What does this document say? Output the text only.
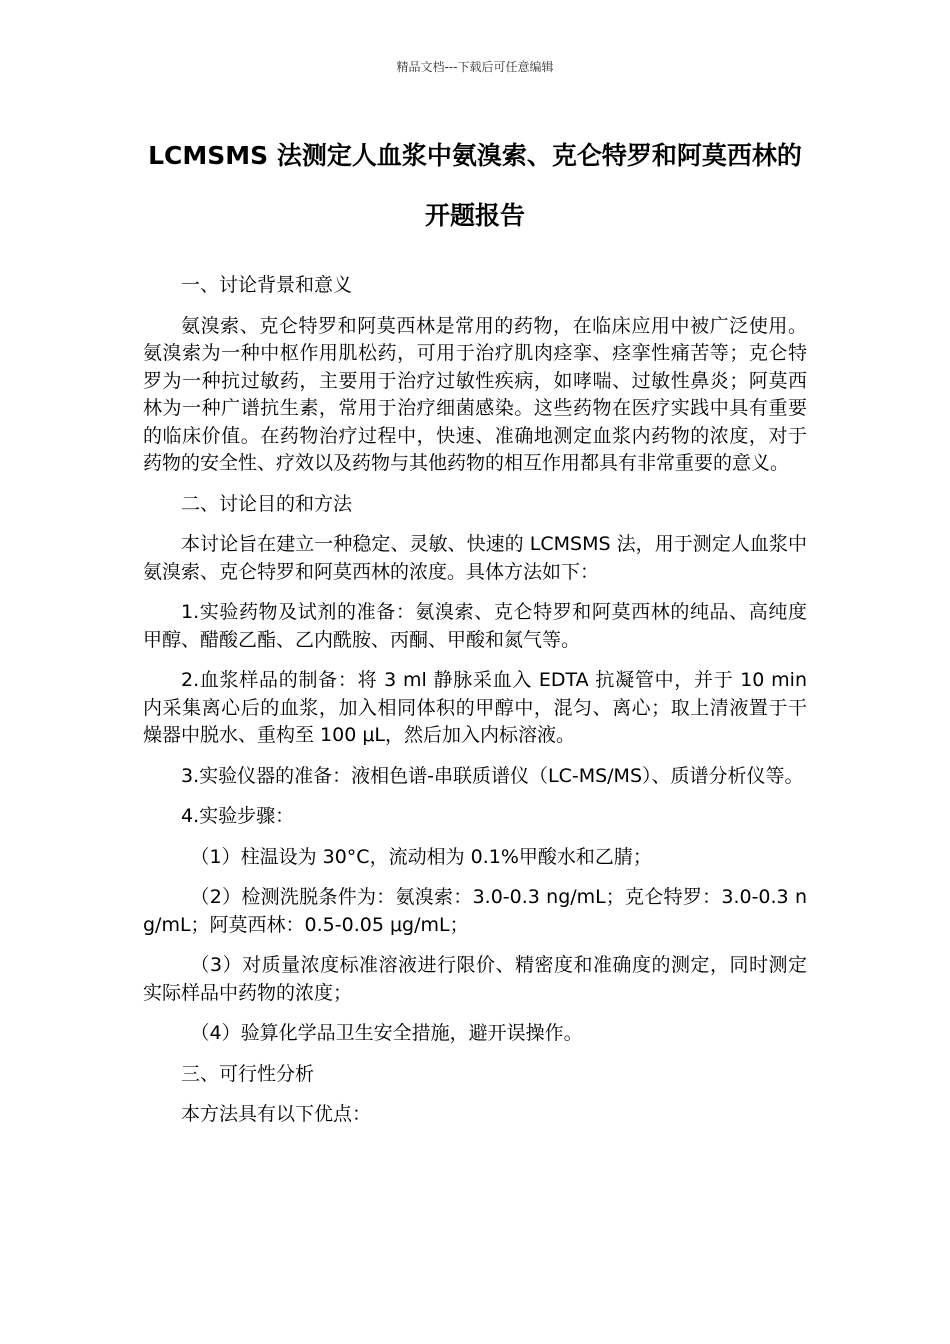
精品文档---下载后可任意编辑
LCMSMS 法测定人血浆中氨溴索、克仑特罗和阿莫西林的开题报告

一、讨论背景和意义

氨溴索、克仑特罗和阿莫西林是常用的药物，在临床应用中被广泛使用。氨溴索为一种中枢作用肌松药，可用于治疗肌肉痉挛、痉挛性痛苦等；克仑特罗为一种抗过敏药，主要用于治疗过敏性疾病，如哮喘、过敏性鼻炎；阿莫西林为一种广谱抗生素，常用于治疗细菌感染。这些药物在医疗实践中具有重要的临床价值。在药物治疗过程中，快速、准确地测定血浆内药物的浓度，对于药物的安全性、疗效以及药物与其他药物的相互作用都具有非常重要的意义。

二、讨论目的和方法

本讨论旨在建立一种稳定、灵敏、快速的 LCMSMS 法，用于测定人血浆中氨溴索、克仑特罗和阿莫西林的浓度。具体方法如下：

1.实验药物及试剂的准备：氨溴索、克仑特罗和阿莫西林的纯品、高纯度甲醇、醋酸乙酯、乙内酰胺、丙酮、甲酸和氮气等。

2.血浆样品的制备：将 3 ml 静脉采血入 EDTA 抗凝管中，并于 10 min 内采集离心后的血浆，加入相同体积的甲醇中，混匀、离心；取上清液置于干燥器中脱水、重构至 100 μL，然后加入内标溶液。

3.实验仪器的准备：液相色谱-串联质谱仪（LC-MS/MS）、质谱分析仪等。

4.实验步骤：

（1）柱温设为 30°C，流动相为 0.1%甲酸水和乙腈；

（2）检测洗脱条件为：氨溴索：3.0-0.3 ng/mL；克仑特罗：3.0-0.3 ng/mL；阿莫西林：0.5-0.05 μg/mL；

（3）对质量浓度标准溶液进行限价、精密度和准确度的测定，同时测定实际样品中药物的浓度；

（4）验算化学品卫生安全措施，避开误操作。

三、可行性分析

本方法具有以下优点：
